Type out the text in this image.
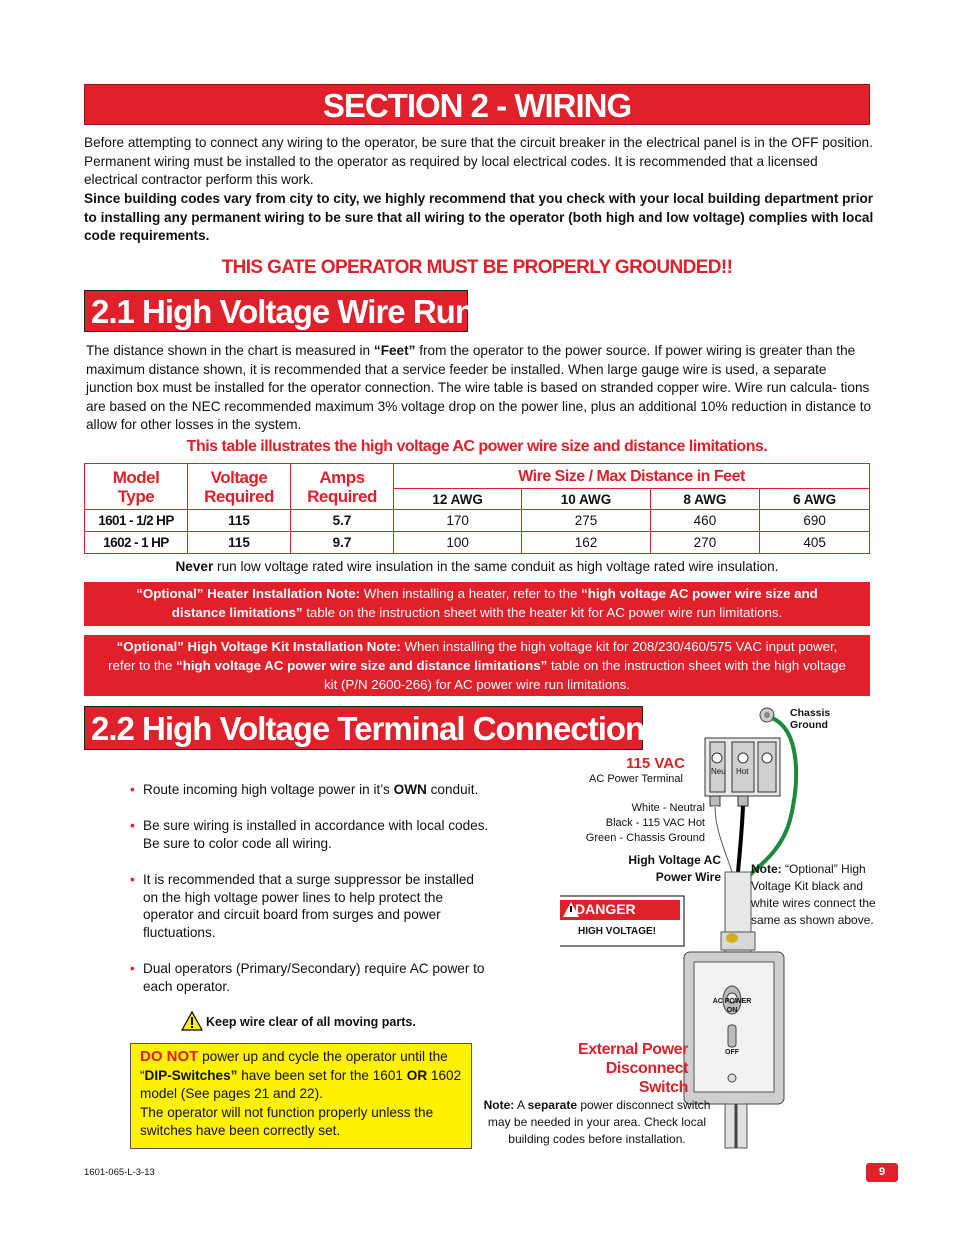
SECTION 2 - WIRING
Before attempting to connect any wiring to the operator, be sure that the circuit breaker in the electrical panel is in the OFF position. Permanent wiring must be installed to the operator as required by local electrical codes. It is recommended that a licensed electrical contractor perform this work.
Since building codes vary from city to city, we highly recommend that you check with your local building department prior to installing any permanent wiring to be sure that all wiring to the operator (both high and low voltage) complies with local code requirements.
THIS GATE OPERATOR MUST BE PROPERLY GROUNDED!!
2.1 High Voltage Wire Runs
The distance shown in the chart is measured in “Feet” from the operator to the power source. If power wiring is greater than the maximum distance shown, it is recommended that a service feeder be installed. When large gauge wire is used, a separate junction box must be installed for the operator connection. The wire table is based on stranded copper wire. Wire run calcula- tions are based on the NEC recommended maximum 3% voltage drop on the power line, plus an additional 10% reduction in distance to allow for other losses in the system.
This table illustrates the high voltage AC power wire size and distance limitations.
Model Type	Voltage Required	Amps Required	Wire Size / Max Distance in Feet			
			12 AWG	10 AWG	8 AWG	6 AWG
1601 - 1/2 HP	115	5.7	170	275	460	690
1602 - 1 HP	115	9.7	100	162	270	405
Never run low voltage rated wire insulation in the same conduit as high voltage rated wire insulation.
“Optional” Heater Installation Note: When installing a heater, refer to the “high voltage AC power wire size and distance limitations” table on the instruction sheet with the heater kit for AC power wire run limitations.
“Optional” High Voltage Kit Installation Note: When installing the high voltage kit for 208/230/460/575 VAC input power, refer to the “high voltage AC power wire size and distance limitations” table on the instruction sheet with the high voltage kit (P/N 2600-266) for AC power wire run limitations.
2.2 High Voltage Terminal Connections
• Route incoming high voltage power in it’s OWN conduit.
• Be sure wiring is installed in accordance with local codes. Be sure to color code all wiring.
• It is recommended that a surge suppressor be installed on the high voltage power lines to help protect the operator and circuit board from surges and power fluctuations.
• Dual operators (Primary/Secondary) require AC power to each operator.
Keep wire clear of all moving parts.
DO NOT power up and cycle the operator until the “DIP-Switches” have been set for the 1601 OR 1602 model (See pages 21 and 22).
The operator will not function properly unless the switches have been correctly set.
Chassis Ground
115 VAC
AC Power Terminal
Neu Hot
White - Neutral
Black - 115 VAC Hot
Green - Chassis Ground
High Voltage AC Power Wire
Note: “Optional” High Voltage Kit black and white wires connect the same as shown above.
DANGER
HIGH VOLTAGE!
AC POWER
ON
OFF
External Power Disconnect Switch
Note: A separate power disconnect switch may be needed in your area. Check local building codes before installation.
1601-065-L-3-13	9
